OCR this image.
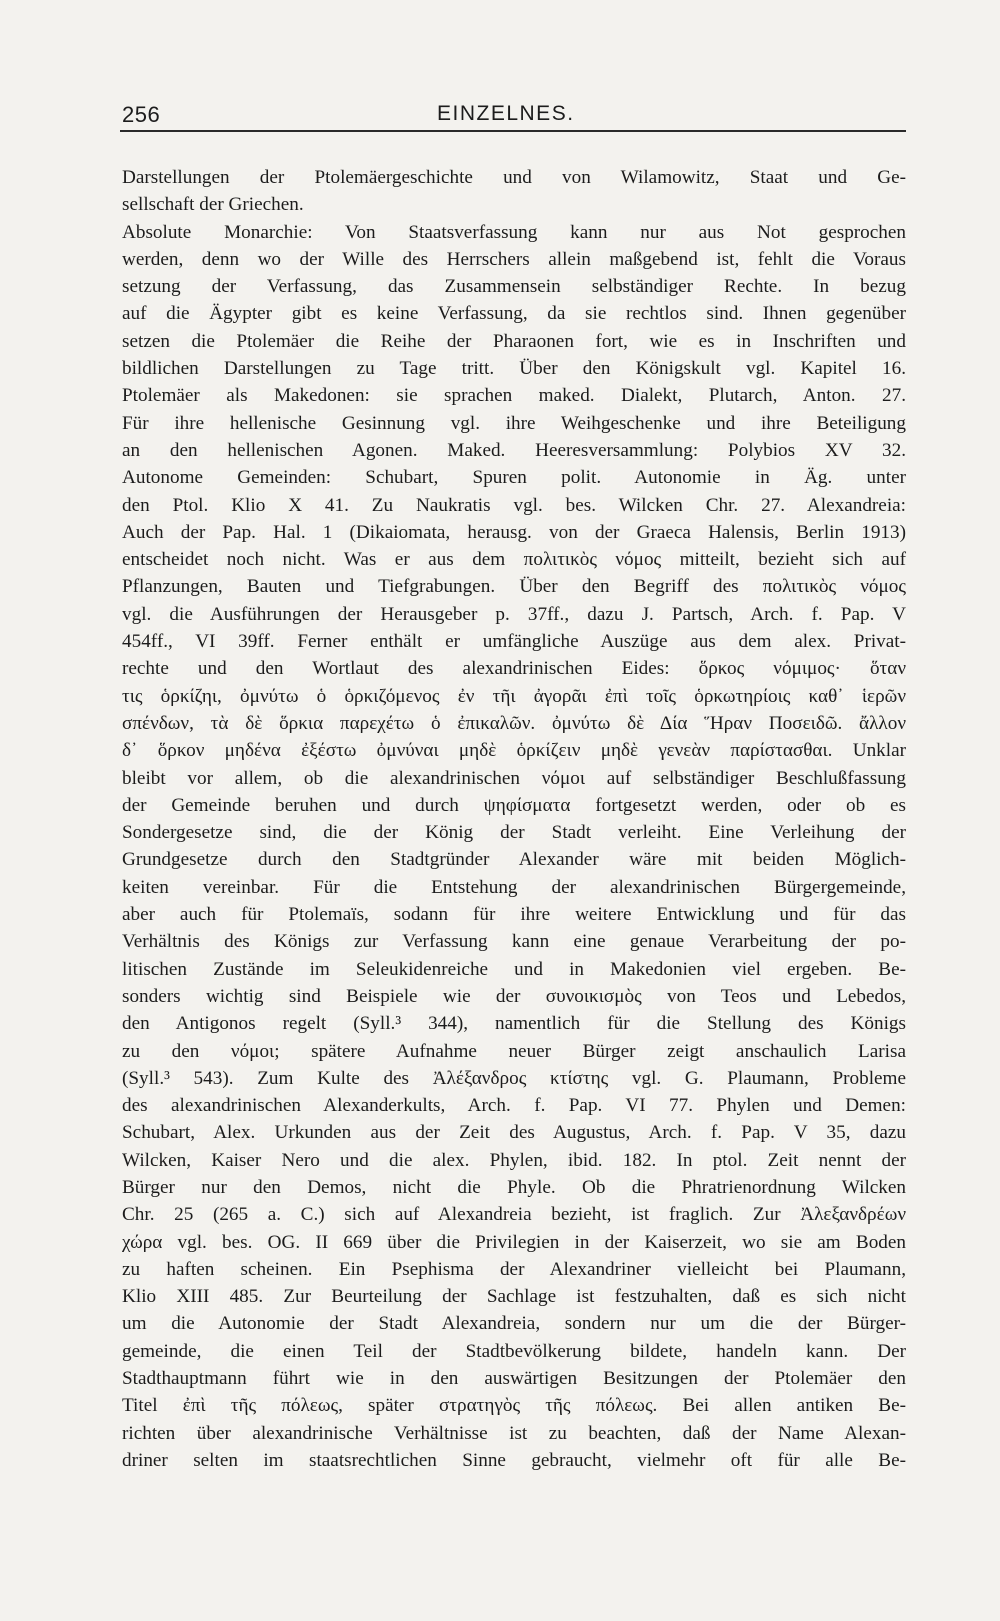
256	EINZELNES.
Darstellungen der Ptolemäergeschichte und von Wilamowitz, Staat und Ge-
sellschaft der Griechen.
Absolute Monarchie: Von Staatsverfassung kann nur aus Not gesprochen
werden, denn wo der Wille des Herrschers allein maßgebend ist, fehlt die Voraus
setzung der Verfassung, das Zusammensein selbständiger Rechte. In bezug
auf die Ägypter gibt es keine Verfassung, da sie rechtlos sind. Ihnen gegenüber
setzen die Ptolemäer die Reihe der Pharaonen fort, wie es in Inschriften und
bildlichen Darstellungen zu Tage tritt. Über den Königskult vgl. Kapitel 16.
Ptolemäer als Makedonen: sie sprachen maked. Dialekt, Plutarch, Anton. 27.
Für ihre hellenische Gesinnung vgl. ihre Weihgeschenke und ihre Beteiligung
an den hellenischen Agonen. Maked. Heeresversammlung: Polybios XV 32.
Autonome Gemeinden: Schubart, Spuren polit. Autonomie in Äg. unter
den Ptol. Klio X 41. Zu Naukratis vgl. bes. Wilcken Chr. 27. Alexandreia:
Auch der Pap. Hal. 1 (Dikaiomata, herausg. von der Graeca Halensis, Berlin 1913)
entscheidet noch nicht. Was er aus dem πολιτικὸς νόμος mitteilt, bezieht sich auf
Pflanzungen, Bauten und Tiefgrabungen. Über den Begriff des πολιτικὸς νόμος
vgl. die Ausführungen der Herausgeber p. 37ff., dazu J. Partsch, Arch. f. Pap. V
454ff., VI 39ff. Ferner enthält er umfängliche Auszüge aus dem alex. Privat-
rechte und den Wortlaut des alexandrinischen Eides: ὅρκος νόμιμος· ὅταν
τις ὁρκίζηι, ὀμνύτω ὁ ὁρκιζόμενος ἐν τῆι ἀγορᾶι ἐπὶ τοῖς ὁρκωτηρίοις καθ᾽ ἱερῶν
σπένδων, τὰ δὲ ὅρκια παρεχέτω ὁ ἐπικαλῶν. ὀμνύτω δὲ Δία Ἥραν Ποσειδῶ. ἄλλον
δ᾽ ὅρκον μηδένα ἐξέστω ὀμνύναι μηδὲ ὁρκίζειν μηδὲ γενεὰν παρίστασθαι. Unklar
bleibt vor allem, ob die alexandrinischen νόμοι auf selbständiger Beschlußfassung
der Gemeinde beruhen und durch ψηφίσματα fortgesetzt werden, oder ob es
Sondergesetze sind, die der König der Stadt verleiht. Eine Verleihung der
Grundgesetze durch den Stadtgründer Alexander wäre mit beiden Möglich-
keiten vereinbar. Für die Entstehung der alexandrinischen Bürgergemeinde,
aber auch für Ptolemaïs, sodann für ihre weitere Entwicklung und für das
Verhältnis des Königs zur Verfassung kann eine genaue Verarbeitung der po-
litischen Zustände im Seleukidenreiche und in Makedonien viel ergeben. Be-
sonders wichtig sind Beispiele wie der συνοικισμὸς von Teos und Lebedos,
den Antigonos regelt (Syll.³ 344), namentlich für die Stellung des Königs
zu den νόμοι; spätere Aufnahme neuer Bürger zeigt anschaulich Larisa
(Syll.³ 543). Zum Kulte des Ἀλέξανδρος κτίστης vgl. G. Plaumann, Probleme
des alexandrinischen Alexanderkults, Arch. f. Pap. VI 77. Phylen und Demen:
Schubart, Alex. Urkunden aus der Zeit des Augustus, Arch. f. Pap. V 35, dazu
Wilcken, Kaiser Nero und die alex. Phylen, ibid. 182. In ptol. Zeit nennt der
Bürger nur den Demos, nicht die Phyle. Ob die Phratrienordnung Wilcken
Chr. 25 (265 a. C.) sich auf Alexandreia bezieht, ist fraglich. Zur Ἀλεξανδρέων
χώρα vgl. bes. OG. II 669 über die Privilegien in der Kaiserzeit, wo sie am Boden
zu haften scheinen. Ein Psephisma der Alexandriner vielleicht bei Plaumann,
Klio XIII 485. Zur Beurteilung der Sachlage ist festzuhalten, daß es sich nicht
um die Autonomie der Stadt Alexandreia, sondern nur um die der Bürger-
gemeinde, die einen Teil der Stadtbevölkerung bildete, handeln kann. Der
Stadthauptmann führt wie in den auswärtigen Besitzungen der Ptolemäer den
Titel ἐπὶ τῆς πόλεως, später στρατηγὸς τῆς πόλεως. Bei allen antiken Be-
richten über alexandrinische Verhältnisse ist zu beachten, daß der Name Alexan-
driner selten im staatsrechtlichen Sinne gebraucht, vielmehr oft für alle Be-
